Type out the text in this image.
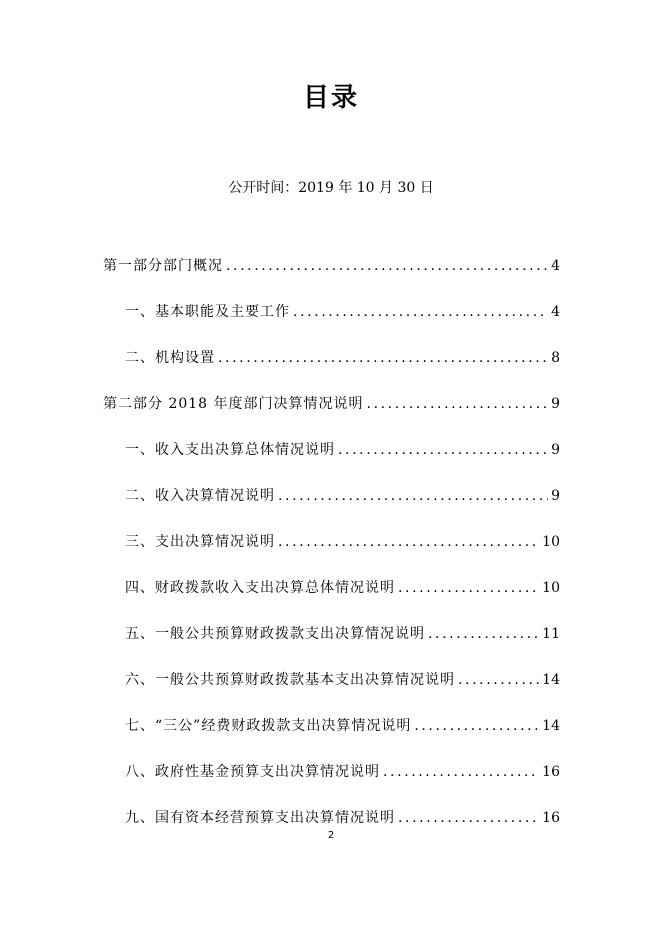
目录
公开时间：2019 年 10 月 30 日
第一部分部门概况 .....	4
一、基本职能及主要工作 .....	4
二、机构设置 .....	8
第二部分 2018 年度部门决算情况说明 .....	9
一、收入支出决算总体情况说明 .....	9
二、收入决算情况说明 .....	9
三、支出决算情况说明 .....	10
四、财政拨款收入支出决算总体情况说明 .....	10
五、一般公共预算财政拨款支出决算情况说明 .....	11
六、一般公共预算财政拨款基本支出决算情况说明 .....	14
七、“三公”经费财政拨款支出决算情况说明 .....	14
八、政府性基金预算支出决算情况说明 .....	16
九、国有资本经营预算支出决算情况说明 .....	16
2
